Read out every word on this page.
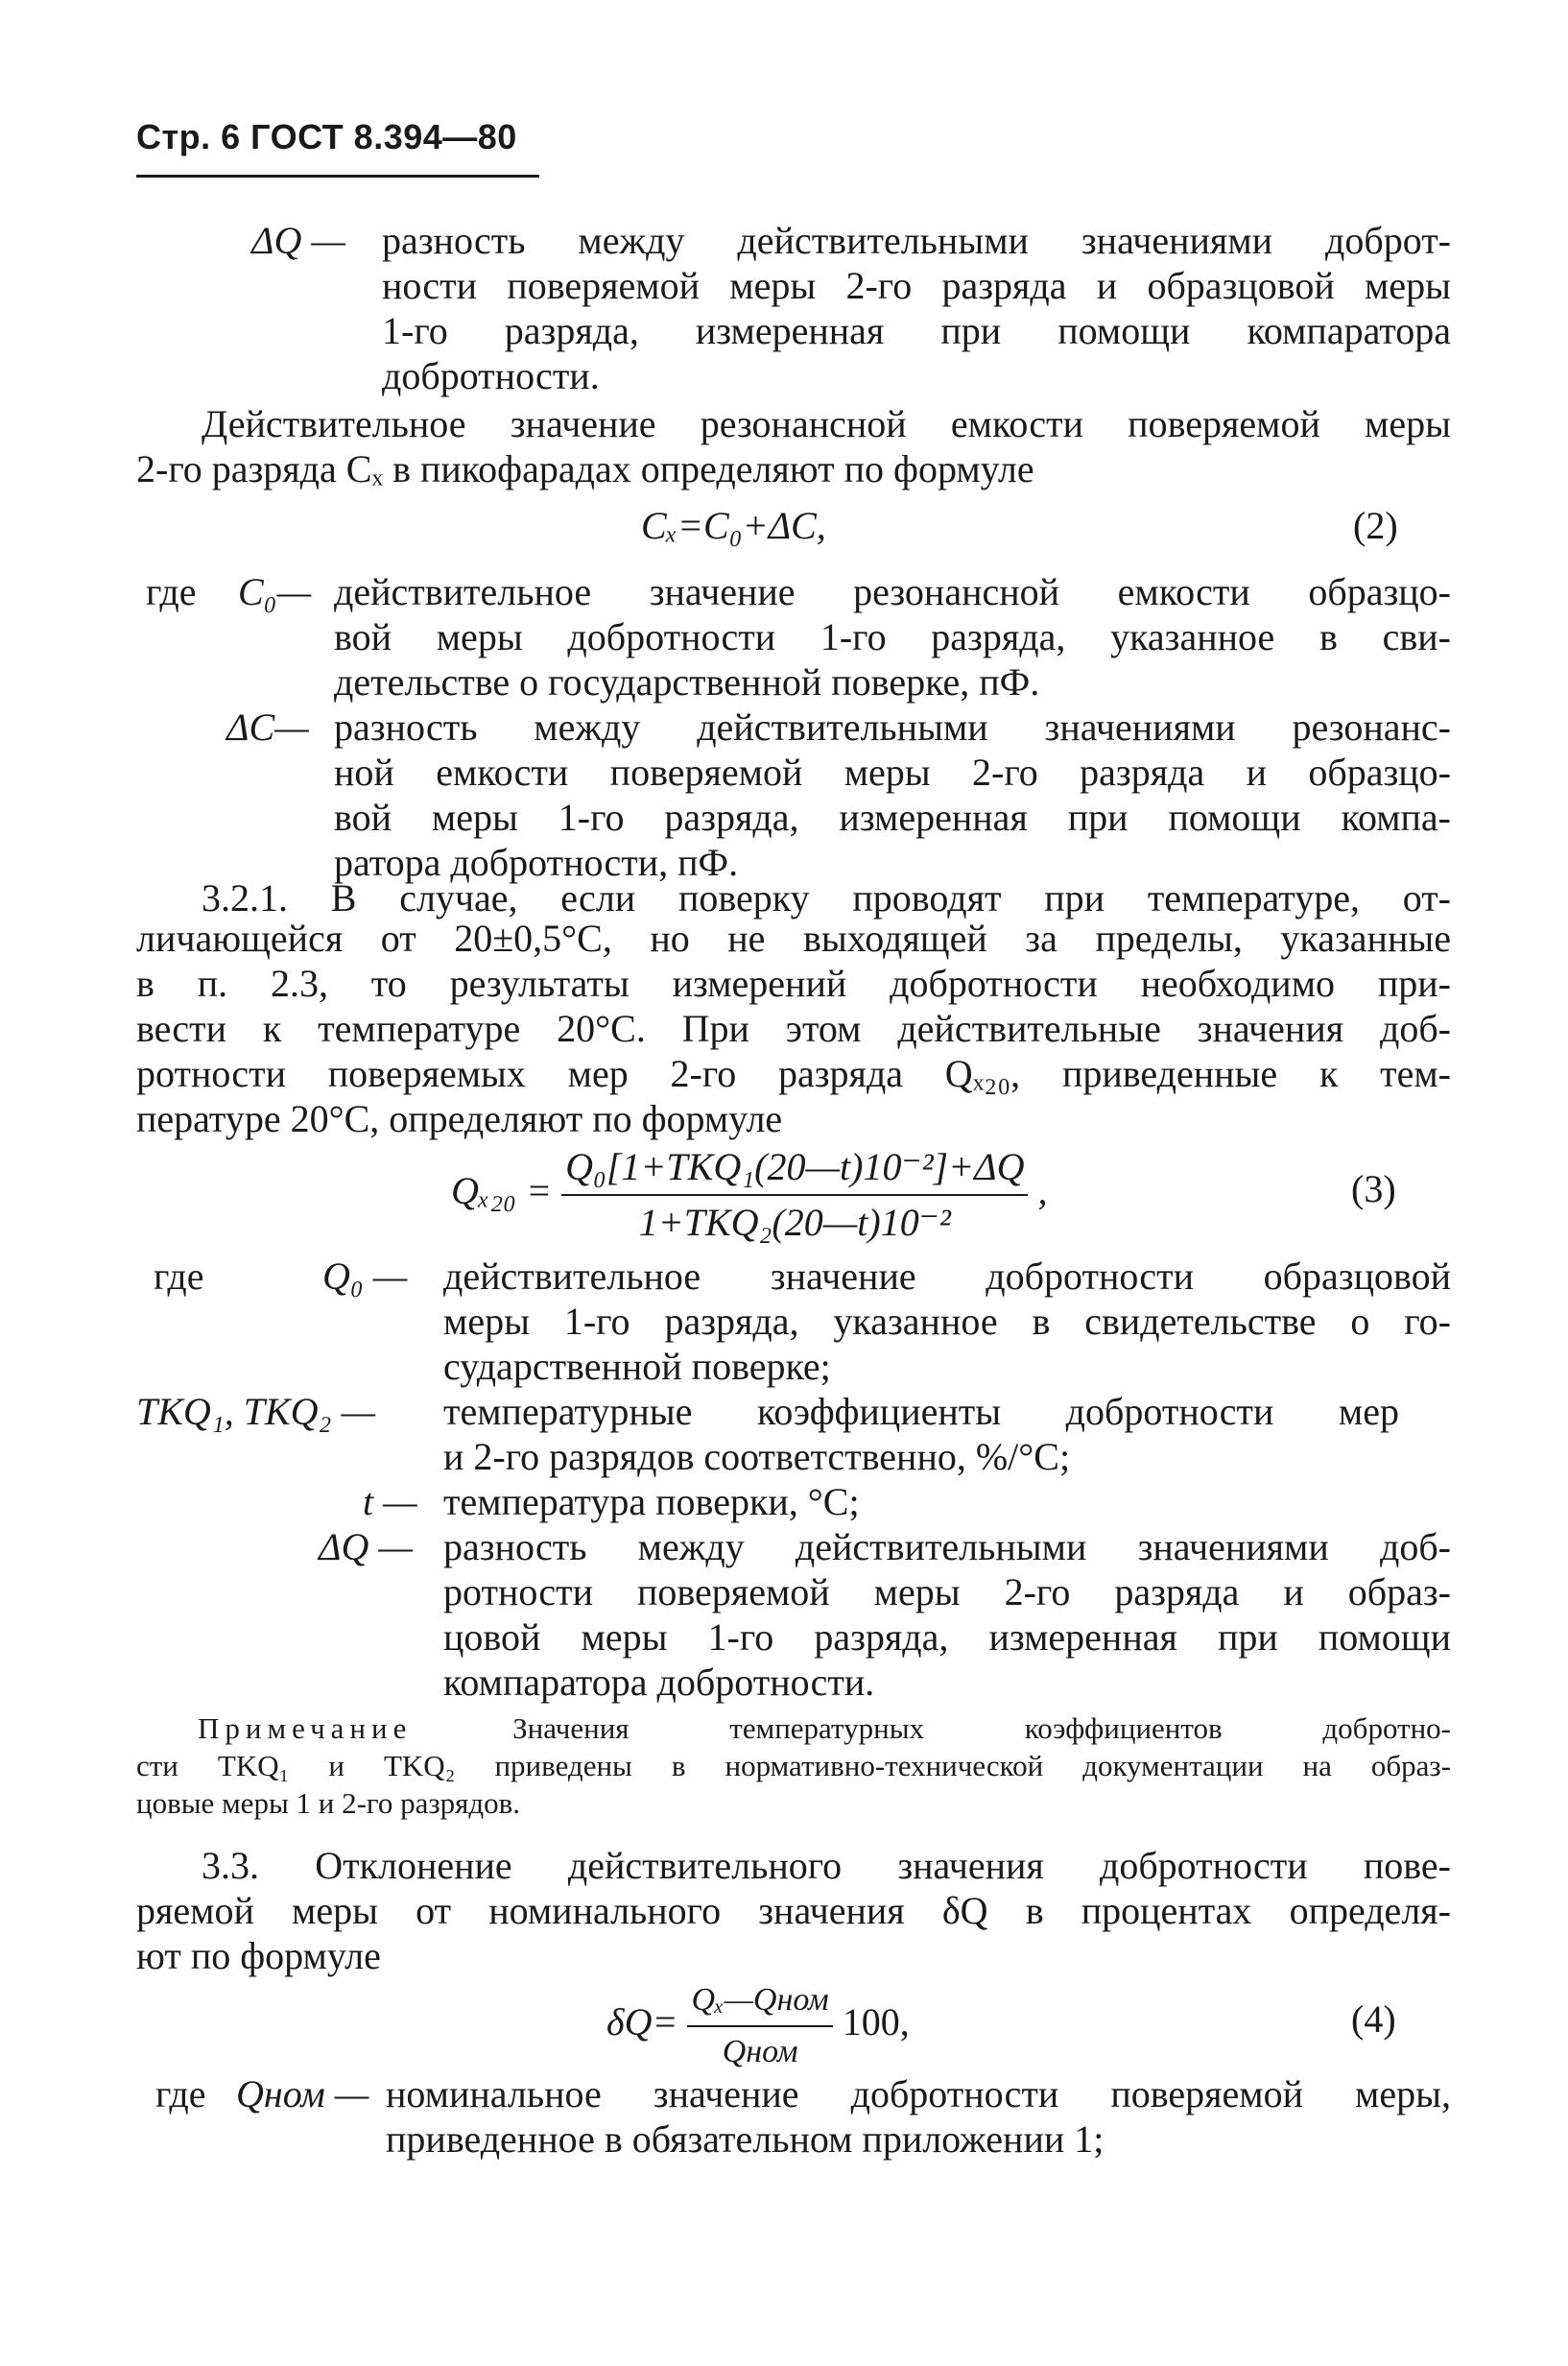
Стр. 6 ГОСТ 8.394—80
ΔQ — разность между действительными значениями доброт-
ности поверяемой меры 2-го разряда и образцовой меры
1-го разряда, измеренная при помощи компаратора
добротности.
Действительное значение резонансной емкости поверяемой меры
2-го разряда Cₓ в пикофарадах определяют по формуле
Cₓ=C₀+ΔC,	(2)
где C₀— действительное значение резонансной емкости образцо-
вой меры добротности 1-го разряда, указанное в сви-
детельстве о государственной поверке, пФ.
ΔC— разность между действительными значениями резонанс-
ной емкости поверяемой меры 2-го разряда и образцо-
вой меры 1-го разряда, измеренная при помощи компа-
ратора добротности, пФ.
3.2.1. В случае, если поверку проводят при температуре, от-
личающейся от 20±0,5°С, но не выходящей за пределы, указанные
в п. 2.3, то результаты измерений добротности необходимо при-
вести к температуре 20°С. При этом действительные значения доб-
ротности поверяемых мер 2-го разряда Qₓ₂₀, приведенные к тем-
пературе 20°С, определяют по формуле
$Q_{x20} = \frac{\text{Q₀[1+TKQ₁(20—t)10⁻²]+ΔQ}}{\text{1+TKQ₂(20—t)10⁻²}}$ ,	(3)
где	Q₀ — действительное значение добротности образцовой
меры 1-го разряда, указанное в свидетельстве о го-
сударственной поверке;
TKQ₁, TKQ₂ — температурные коэффициенты добротности мер
и 2-го разрядов соответственно, %/°С;
t — температура поверки, °С;
ΔQ — разность между действительными значениями доб-
ротности поверяемой меры 2-го разряда и образ-
цовой меры 1-го разряда, измеренная при помощи
компаратора добротности.
Примечание	Значения температурных коэффициентов добротно-
сти TKQ₁ и TKQ₂ приведены в нормативно-технической документации на образ-
цовые меры 1 и 2-го разрядов.
3.3. Отклонение действительного значения добротности пове-
ряемой меры от номинального значения δQ в процентах определя-
ют по формуле
$\delta Q= \frac{\text{Qₓ—Qном}}{\text{Qном}} 100$,	(4)
где Qном — номинальное значение добротности поверяемой меры,
приведенное в обязательном приложении 1;
